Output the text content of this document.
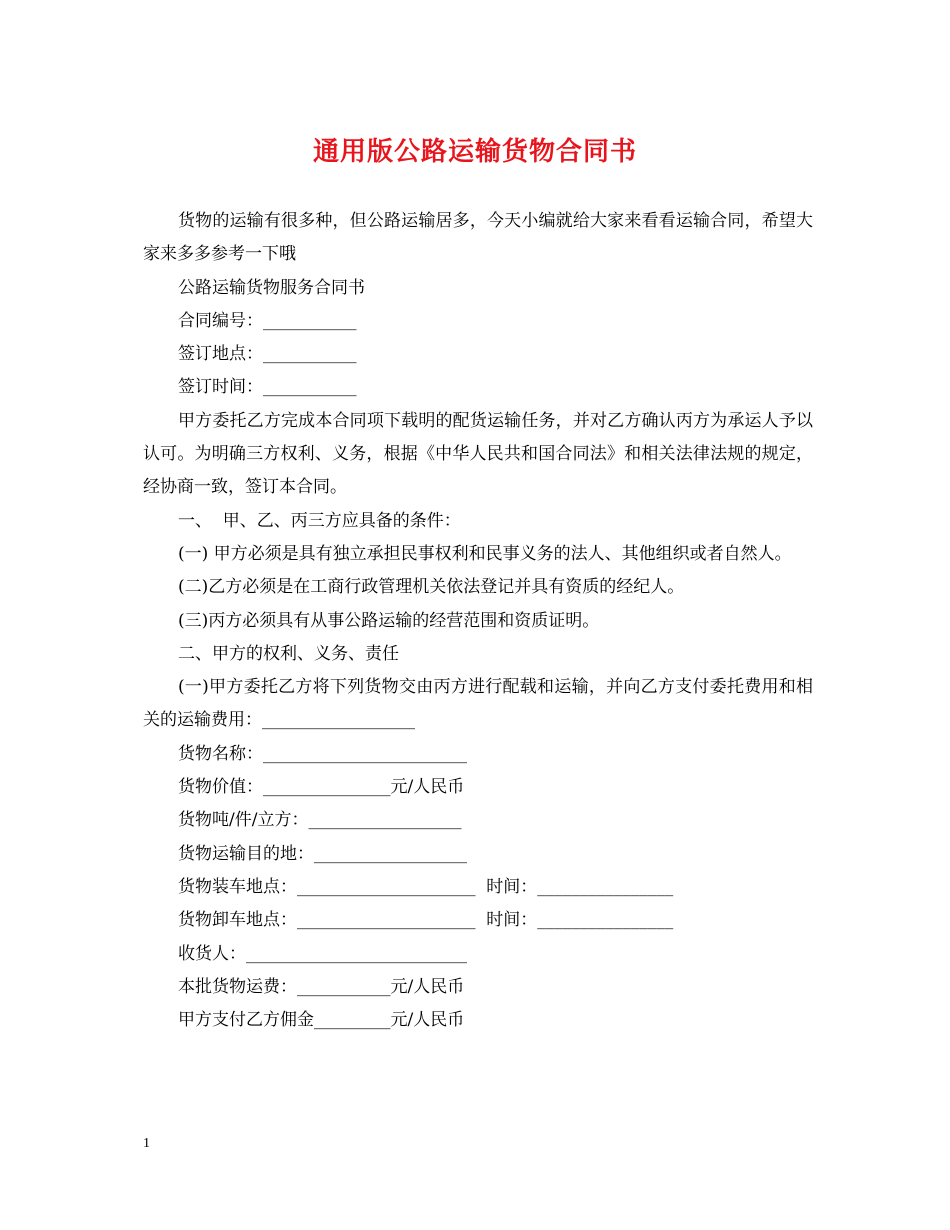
通用版公路运输货物合同书

货物的运输有很多种，但公路运输居多，今天小编就给大家来看看运输合同，希望大家来多多参考一下哦

公路运输货物服务合同书

合同编号：___________

签订地点：___________

签订时间：___________

甲方委托乙方完成本合同项下载明的配货运输任务，并对乙方确认丙方为承运人予以认可。为明确三方权利、义务，根据《中华人民共和国合同法》和相关法律法规的规定，经协商一致，签订本合同。

一、  甲、乙、丙三方应具备的条件：

(一) 甲方必须是具有独立承担民事权利和民事义务的法人、其他组织或者自然人。

(二)乙方必须是在工商行政管理机关依法登记并具有资质的经纪人。

(三)丙方必须具有从事公路运输的经营范围和资质证明。

二、甲方的权利、义务、责任

(一)甲方委托乙方将下列货物交由丙方进行配载和运输，并向乙方支付委托费用和相关的运输费用：__________________

货物名称：________________________

货物价值：_______________元/人民币

货物吨/件/立方：__________________

货物运输目的地：__________________

货物装车地点：_____________________  时间：________________

货物卸车地点：_____________________  时间：________________

收货人：__________________________

本批货物运费：___________元/人民币

甲方支付乙方佣金_________元/人民币

1
